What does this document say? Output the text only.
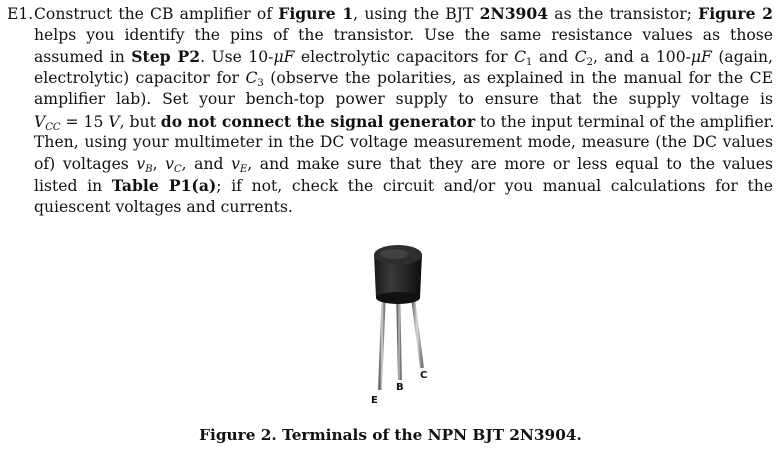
E1.Construct the CB amplifier of Figure 1, using the BJT 2N3904 as the transistor; Figure 2
helps you identify the pins of the transistor. Use the same resistance values as those
assumed in Step P2. Use 10-μF electrolytic capacitors for $C_1$ and $C_2$, and a 100-μF (again,
electrolytic) capacitor for $C_3$ (observe the polarities, as explained in the manual for the CE
amplifier lab). Set your bench-top power supply to ensure that the supply voltage is
$V_{CC} = 15$ V, but do not connect the signal generator to the input terminal of the amplifier.
Then, using your multimeter in the DC voltage measurement mode, measure (the DC values
of) voltages $v_B$, $v_C$, and $v_E$, and make sure that they are more or less equal to the values
listed in Table P1(a); if not, check the circuit and/or you manual calculations for the
quiescent voltages and currents.
E
B
C
Figure 2. Terminals of the NPN BJT 2N3904.
